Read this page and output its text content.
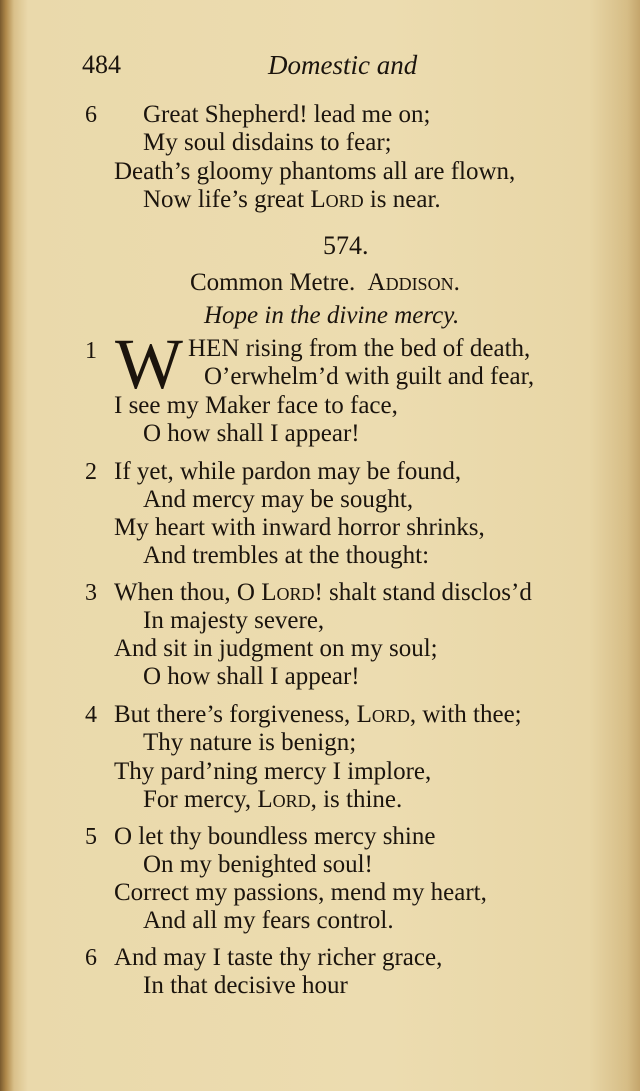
484	Domestic and
6 Great Shepherd! lead me on;
My soul disdains to fear;
Death’s gloomy phantoms all are flown,
Now life’s great Lord is near.
574.
Common Metre. Addison.
Hope in the divine mercy.
1 W HEN rising from the bed of death,
O’erwhelm’d with guilt and fear,
I see my Maker face to face,
O how shall I appear!
2 If yet, while pardon may be found,
And mercy may be sought,
My heart with inward horror shrinks,
And trembles at the thought:
3 When thou, O Lord! shalt stand disclos’d
In majesty severe,
And sit in judgment on my soul;
O how shall I appear!
4 But there’s forgiveness, Lord, with thee;
Thy nature is benign;
Thy pard’ning mercy I implore,
For mercy, Lord, is thine.
5 O let thy boundless mercy shine
On my benighted soul!
Correct my passions, mend my heart,
And all my fears control.
6 And may I taste thy richer grace,
In that decisive hour
